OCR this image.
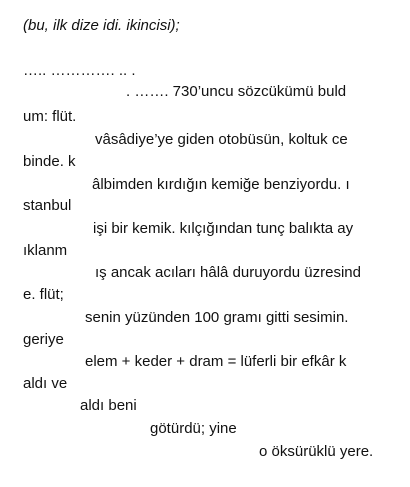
(bu, ilk dize idi. ikincisi);
….. …………. .. .
. ……. 730’uncu sözcükümü buld
um: flüt.
vâsâdiye’ye giden otobüsün, koltuk ce
binde. k
âlbimden kırdığın kemiğe benziyordu. ı
stanbul
işi bir kemik. kılçığından tunç balıkta ay
ıklanm
ış ancak acıları hâlâ duruyordu üzresind
e. flüt;
senin yüzünden 100 gramı gitti sesimin.
geriye
elem + keder + dram = lüferli bir efkâr k
aldı ve
aldı beni
götürdü; yine
o öksürüklü yere.
